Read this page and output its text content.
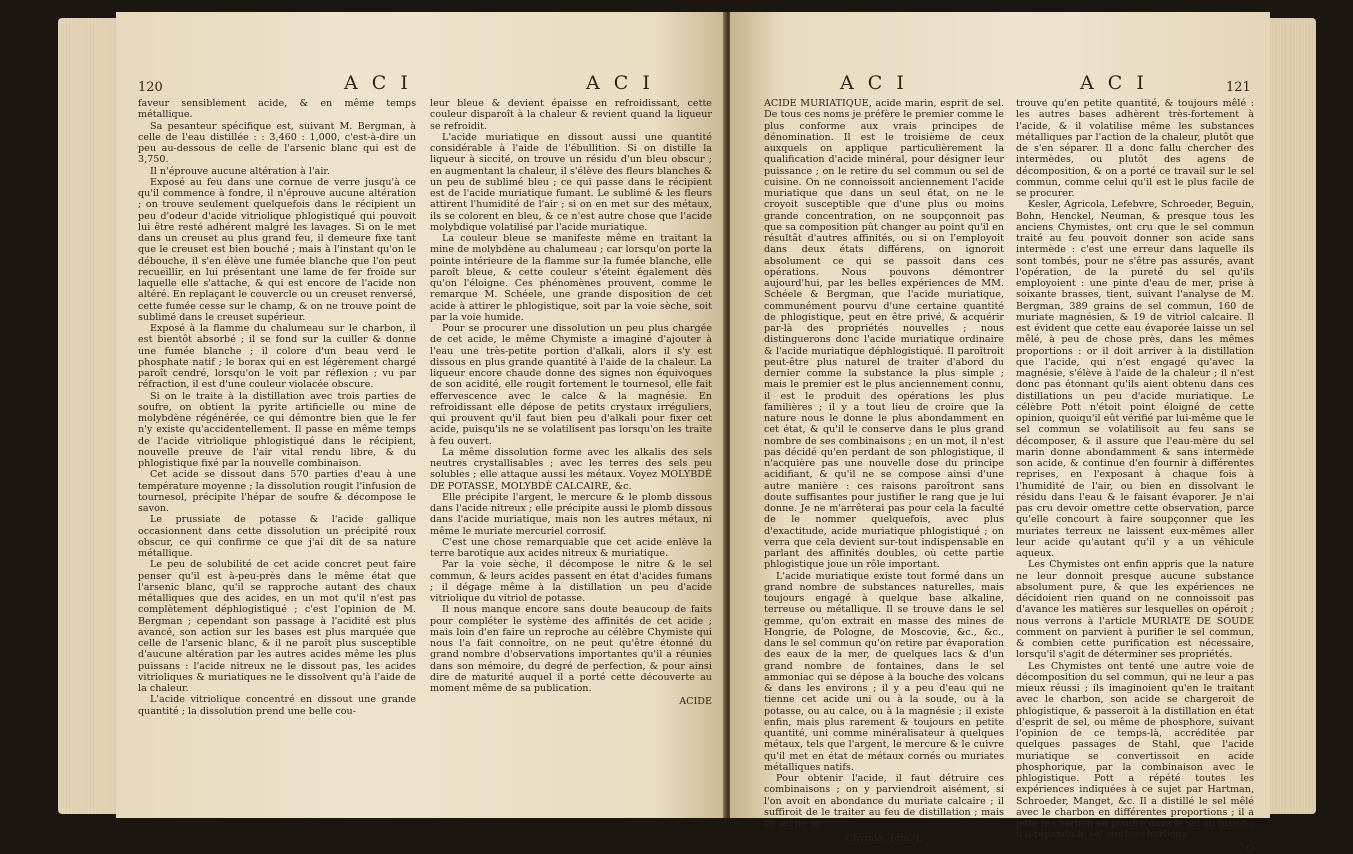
120	A C I	A C I

faveur sensiblement acide, & en même temps métallique.

Sa pesanteur spécifique est, suivant M. Bergman, à celle de l'eau distillée : : 3,460 : 1,000, c'est-à-dire un peu au-dessous de celle de l'arsenic blanc qui est de 3,750.

Il n'éprouve aucune altération à l'air.

Exposé au feu dans une cornue de verre jusqu'à ce qu'il commence à fondre, il n'éprouve aucune altération ; on trouve seulement quelquefois dans le récipient un peu d'odeur d'acide vitriolique phlogistiqué qui pouvoit lui être resté adhérent malgré les lavages. Si on le met dans un creuset au plus grand feu, il demeure fixe tant que le creuset est bien bouché ; mais à l'instant qu'on le débouche, il s'en élève une fumée blanche que l'on peut recueillir, en lui présentant une lame de fer froide sur laquelle elle s'attache, & qui est encore de l'acide non altéré. En replaçant le couvercle ou un creuset renversé, cette fumée cesse sur le champ, & on ne trouve point de sublimé dans le creuset supérieur.

Exposé à la flamme du chalumeau sur le charbon, il est bientôt absorbé ; il se fond sur la cuiller & donne une fumée blanche ; il colore d'un beau verd le phosphate natif ; le borax qui en est légèrement chargé paroît cendré, lorsqu'on le voit par réflexion ; vu par réfraction, il est d'une couleur violacée obscure.

Si on le traite à la distillation avec trois parties de soufre, on obtient la pyrite artificielle ou mine de molybdène régénérée, ce qui démontre bien que le fer n'y existe qu'accidentellement. Il passe en même temps de l'acide vitriolique phlogistiqué dans le récipient, nouvelle preuve de l'air vital rendu libre, & du phlogistique fixé par la nouvelle combinaison.

Cet acide se dissout dans 570 parties d'eau à une température moyenne ; la dissolution rougit l'infusion de tournesol, précipite l'hépar de soufre & décompose le savon.

Le prussiate de potasse & l'acide gallique occasionnent dans cette dissolution un précipité roux obscur, ce qui confirme ce que j'ai dit de sa nature métallique.

Le peu de solubilité de cet acide concret peut faire penser qu'il est à-peu-près dans le même état que l'arsenic blanc, qu'il se rapproche autant des chaux métalliques que des acides, en un mot qu'il n'est pas complètement déphlogistiqué ; c'est l'opinion de M. Bergman ; cependant son passage à l'acidité est plus avancé, son action sur les bases est plus marquée que celle de l'arsenic blanc, & il ne paroît plus susceptible d'aucune altération par les autres acides même les plus puissans : l'acide nitreux ne le dissout pas, les acides vitrioliques & muriatiques ne le dissolvent qu'à l'aide de la chaleur.

L'acide vitriolique concentré en dissout une grande quantité ; la dissolution prend une belle cou-

leur bleue & devient épaisse en refroidissant, cette couleur disparoît à la chaleur & revient quand la liqueur se refroidit.

L'acide muriatique en dissout aussi une quantité considérable à l'aide de l'ébullition. Si on distille la liqueur à siccité, on trouve un résidu d'un bleu obscur ; en augmentant la chaleur, il s'élève des fleurs blanches & un peu de sublimé bleu ; ce qui passe dans le récipient est de l'acide muriatique fumant. Le sublimé & les fleurs attirent l'humidité de l'air ; si on en met sur des métaux, ils se colorent en bleu, & ce n'est autre chose que l'acide molybdique volatilisé par l'acide muriatique.

La couleur bleue se manifeste même en traitant la mine de molybdène au chalumeau ; car lorsqu'on porte la pointe intérieure de la flamme sur la fumée blanche, elle paroît bleue, & cette couleur s'éteint également dès qu'on l'éloigne. Ces phénomènes prouvent, comme le remarque M. Schéele, une grande disposition de cet acide à attirer le phlogistique, soit par la voie sèche, soit par la voie humide.

Pour se procurer une dissolution un peu plus chargée de cet acide, le même Chymiste a imaginé d'ajouter à l'eau une très-petite portion d'alkali, alors il s'y est dissous en plus grande quantité à l'aide de la chaleur. La liqueur encore chaude donne des signes non équivoques de son acidité, elle rougit fortement le tournesol, elle fait effervescence avec le calce & la magnésie. En refroidissant elle dépose de petits crystaux irréguliers, qui prouvent qu'il faut bien peu d'alkali pour fixer cet acide, puisqu'ils ne se volatilisent pas lorsqu'on les traite à feu ouvert.

La même dissolution forme avec les alkalis des sels neutres crystallisables ; avec les terres des sels peu solubles ; elle attaque aussi les métaux. Voyez MOLYBDÈ DE POTASSE, MOLYBDÈ CALCAIRE, &c.

Elle précipite l'argent, le mercure & le plomb dissous dans l'acide nitreux ; elle précipite aussi le plomb dissous dans l'acide muriatique, mais non les autres métaux, ni même le muriate mercuriel corrosif.

C'est une chose remarquable que cet acide enlève la terre barotique aux acides nitreux & muriatique.

Par la voie sèche, il décompose le nitre & le sel commun, & leurs acides passent en état d'acides fumans ; il dégage même à la distillation un peu d'acide vitriolique du vitriol de potasse.

Il nous manque encore sans doute beaucoup de faits pour compléter le système des affinités de cet acide ; mais loin d'en faire un reproche au célèbre Chymiste qui nous l'a fait connoître, on ne peut qu'être étonné du grand nombre d'observations importantes qu'il a réunies dans son mémoire, du degré de perfection, & pour ainsi dire de maturité auquel il a porté cette découverte au moment même de sa publication.

ACIDE

A C I	A C I	121

ACIDE MURIATIQUE, acide marin, esprit de sel. De tous ces noms je préfère le premier comme le plus conforme aux vrais principes de dénomination. Il est le troisième de ceux auxquels on applique particulièrement la qualification d'acide minéral, pour désigner leur puissance ; on le retire du sel commun ou sel de cuisine. On ne connoissoit anciennement l'acide muriatique que dans un seul état, on ne le croyoit susceptible que d'une plus ou moins grande concentration, on ne soupçonnoit pas que sa composition pût changer au point qu'il en résultât d'autres affinités, ou si on l'employoit dans deux états différens, on ignoroit absolument ce qui se passoit dans ces opérations. Nous pouvons démontrer aujourd'hui, par les belles expériences de MM. Schéele & Bergman, que l'acide muriatique, communément pourvu d'une certaine quantité de phlogistique, peut en être privé, & acquérir par-là des propriétés nouvelles ; nous distinguerons donc l'acide muriatique ordinaire & l'acide muriatique déphlogistiqué. Il paroîtroit peut-être plus naturel de traiter d'abord du dernier comme la substance la plus simple ; mais le premier est le plus anciennement connu, il est le produit des opérations les plus familières ; il y a tout lieu de croire que la nature nous le donne le plus abondamment en cet état, & qu'il le conserve dans le plus grand nombre de ses combinaisons ; en un mot, il n'est pas décidé qu'en perdant de son phlogistique, il n'acquière pas une nouvelle dose du principe acidifiant, & qu'il ne se compose ainsi d'une autre manière : ces raisons paroîtront sans doute suffisantes pour justifier le rang que je lui donne. Je ne m'arrêterai pas pour cela la faculté de le nommer quelquefois, avec plus d'exactitude, acide muriatique phlogistiqué ; on verra que cela devient sur-tout indispensable en parlant des affinités doubles, où cette partie phlogistique joue un rôle important.

L'acide muriatique existe tout formé dans un grand nombre de substances naturelles, mais toujours engagé à quelque base alkaline, terreuse ou métallique. Il se trouve dans le sel gemme, qu'on extrait en masse des mines de Hongrie, de Pologne, de Moscovie, &c., &c., dans le sel commun qu'on retire par évaporation des eaux de la mer, de quelques lacs & d'un grand nombre de fontaines, dans le sel ammoniac qui se dépose à la bouche des volcans & dans les environs ; il y a peu d'eau qui ne tienne cet acide uni ou à la soude, ou à la potasse, ou au calce, ou à la magnésie ; il existe enfin, mais plus rarement & toujours en petite quantité, uni comme minéralisateur à quelques métaux, tels que l'argent, le mercure & le cuivre qu'il met en état de métaux cornés ou muriates métalliques natifs.

Pour obtenir l'acide, il faut détruire ces combinaisons ; on y parviendroit aisément, si l'on avoit en abondance du muriate calcaire ; il suffiroit de le traiter au feu de distillation ; mais ce sel ne se

Chymie. Tom. I.

trouve qu'en petite quantité, & toujours mêlé : les autres bases adhèrent très-fortement à l'acide, & il volatilise même les substances métalliques par l'action de la chaleur, plutôt que de s'en séparer. Il a donc fallu chercher des intermèdes, ou plutôt des agens de décomposition, & on a porté ce travail sur le sel commun, comme celui qu'il est le plus facile de se procurer.

Kesler, Agricola, Lefebvre, Schroeder, Beguin, Bohn, Henckel, Neuman, & presque tous les anciens Chymistes, ont cru que le sel commun traité au feu pouvoit donner son acide sans intermède : c'est une erreur dans laquelle ils sont tombés, pour ne s'être pas assurés, avant l'opération, de la pureté du sel qu'ils employoient : une pinte d'eau de mer, prise à soixante brasses, tient, suivant l'analyse de M. Bergman, 389 grains de sel commun, 160 de muriate magnésien, & 19 de vitriol calcaire. Il est évident que cette eau évaporée laisse un sel mêlé, à peu de chose près, dans les mêmes proportions : or il doit arriver à la distillation que l'acide, qui n'est engagé qu'avec la magnésie, s'élève à l'aide de la chaleur ; il n'est donc pas étonnant qu'ils aient obtenu dans ces distillations un peu d'acide muriatique. Le célèbre Pott n'étoit point éloigné de cette opinion, quoiqu'il eût vérifié par lui-même que le sel commun se volatilisoit au feu sans se décomposer, & il assure que l'eau-mère du sel marin donne abondamment & sans intermède son acide, & continue d'en fournir à différentes reprises, en l'exposant à chaque fois à l'humidité de l'air, ou bien en dissolvant le résidu dans l'eau & le faisant évaporer. Je n'ai pas cru devoir omettre cette observation, parce qu'elle concourt à faire soupçonner que les muriates terreux ne laissent eux-mêmes aller leur acide qu'autant qu'il y a un véhicule aqueux.

Les Chymistes ont enfin appris que la nature ne leur donnoit presque aucune substance absolument pure, & que les expériences ne décidoient rien quand on ne connoissoit pas d'avance les matières sur lesquelles on opéroit ; nous verrons à l'article MURIATE DE SOUDE comment on parvient à purifier le sel commun, & combien cette purification est nécessaire, lorsqu'il s'agit de déterminer ses propriétés.

Les Chymistes ont tenté une autre voie de décomposition du sel commun, qui ne leur a pas mieux réussi ; ils imaginoient qu'en le traitant avec le charbon, son acide se chargeroit de phlogistique, & passeroit à la distillation en état d'esprit de sel, ou même de phosphore, suivant l'opinion de ce temps-là, accréditée par quelques passages de Stahl, que l'acide muriatique se convertissoit en acide phosphorique, par la combinaison avec le phlogistique. Pott a répété toutes les expériences indiquées à ce sujet par Hartman, Schroeder, Manget, &c. Il a distillé le sel mêlé avec le charbon en différentes proportions ; il a jetté le charbon en poudre dans le sel en fusion ; il a répandu le sel sur les charbons

Q
